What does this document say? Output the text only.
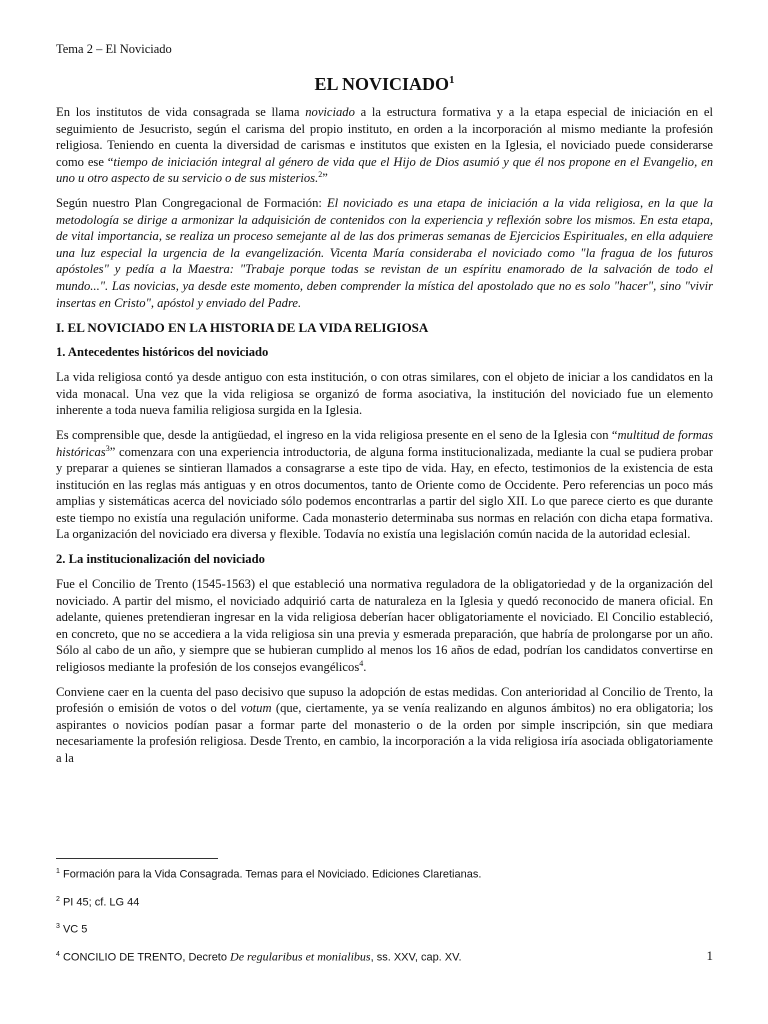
Tema 2 – El Noviciado
EL NOVICIADO$^1$

En los institutos de vida consagrada se llama noviciado a la estructura formativa y a la etapa especial de iniciación en el seguimiento de Jesucristo, según el carisma del propio instituto, en orden a la incorporación al mismo mediante la profesión religiosa. Teniendo en cuenta la diversidad de carismas e institutos que existen en la Iglesia, el noviciado puede considerarse como ese “tiempo de iniciación integral al género de vida que el Hijo de Dios asumió y que él nos propone en el Evangelio, en uno u otro aspecto de su servicio o de sus misterios.$^2$”

Según nuestro Plan Congregacional de Formación: El noviciado es una etapa de iniciación a la vida religiosa, en la que la metodología se dirige a armonizar la adquisición de contenidos con la experiencia y reflexión sobre los mismos. En esta etapa, de vital importancia, se realiza un proceso semejante al de las dos primeras semanas de Ejercicios Espirituales, en ella adquiere una luz especial la urgencia de la evangelización. Vicenta María consideraba el noviciado como "la fragua de los futuros apóstoles" y pedía a la Maestra: "Trabaje porque todas se revistan de un espíritu enamorado de la salvación de todo el mundo...". Las novicias, ya desde este momento, deben comprender la mística del apostolado que no es solo "hacer", sino "vivir insertas en Cristo", apóstol y enviado del Padre.

I. EL NOVICIADO EN LA HISTORIA DE LA VIDA RELIGIOSA
1. Antecedentes históricos del noviciado

La vida religiosa contó ya desde antiguo con esta institución, o con otras similares, con el objeto de iniciar a los candidatos en la vida monacal. Una vez que la vida religiosa se organizó de forma asociativa, la institución del noviciado fue un elemento inherente a toda nueva familia religiosa surgida en la Iglesia.

Es comprensible que, desde la antigüedad, el ingreso en la vida religiosa presente en el seno de la Iglesia con “multitud de formas históricas$^3$” comenzara con una experiencia introductoria, de alguna forma institucionalizada, mediante la cual se pudiera probar y preparar a quienes se sintieran llamados a consagrarse a este tipo de vida. Hay, en efecto, testimonios de la existencia de esta institución en las reglas más antiguas y en otros documentos, tanto de Oriente como de Occidente. Pero referencias un poco más amplias y sistemáticas acerca del noviciado sólo podemos encontrarlas a partir del siglo XII. Lo que parece cierto es que durante este tiempo no existía una regulación uniforme. Cada monasterio determinaba sus normas en relación con dicha etapa formativa. La organización del noviciado era diversa y flexible. Todavía no existía una legislación común nacida de la autoridad eclesial.

2. La institucionalización del noviciado

Fue el Concilio de Trento (1545-1563) el que estableció una normativa reguladora de la obligatoriedad y de la organización del noviciado. A partir del mismo, el noviciado adquirió carta de naturaleza en la Iglesia y quedó reconocido de manera oficial. En adelante, quienes pretendieran ingresar en la vida religiosa deberían hacer obligatoriamente el noviciado. El Concilio estableció, en concreto, que no se accediera a la vida religiosa sin una previa y esmerada preparación, que habría de prolongarse por un año. Sólo al cabo de un año, y siempre que se hubieran cumplido al menos los 16 años de edad, podrían los candidatos convertirse en religiosos mediante la profesión de los consejos evangélicos$^4$.

Conviene caer en la cuenta del paso decisivo que supuso la adopción de estas medidas. Con anterioridad al Concilio de Trento, la profesión o emisión de votos o del votum (que, ciertamente, ya se venía realizando en algunos ámbitos) no era obligatoria; los aspirantes o novicios podían pasar a formar parte del monasterio o de la orden por simple inscripción, sin que mediara necesariamente la profesión religiosa. Desde Trento, en cambio, la incorporación a la vida religiosa iría asociada obligatoriamente a la

$^1$ Formación para la Vida Consagrada. Temas para el Noviciado. Ediciones Claretianas.

$^2$ PI 45; cf. LG 44

$^3$ VC 5

$^4$ CONCILIO DE TRENTO, Decreto De regularibus et monialibus, ss. XXV, cap. XV.	1
